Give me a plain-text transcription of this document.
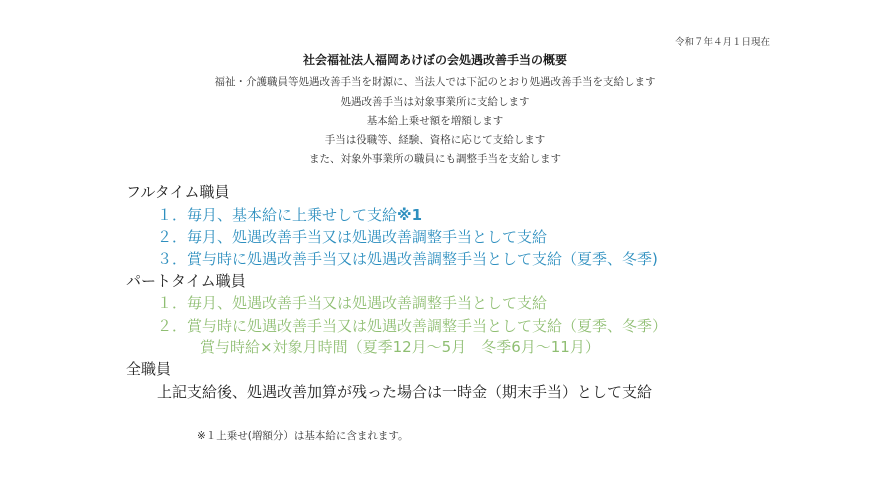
令和７年４月１日現在
社会福祉法人福岡あけぼの会処遇改善手当の概要
福祉・介護職員等処遇改善手当を財源に、当法人では下記のとおり処遇改善手当を支給します
処遇改善手当は対象事業所に支給します
基本給上乗せ額を増額します
手当は役職等、経験、資格に応じて支給します
また、対象外事業所の職員にも調整手当を支給します
フルタイム職員
１．毎月、基本給に上乗せして支給※1
２．毎月、処遇改善手当又は処遇改善調整手当として支給
３．賞与時に処遇改善手当又は処遇改善調整手当として支給（夏季、冬季)
パートタイム職員
１．毎月、処遇改善手当又は処遇改善調整手当として支給
２．賞与時に処遇改善手当又は処遇改善調整手当として支給（夏季、冬季）
賞与時給×対象月時間（夏季12月〜5月　冬季6月〜11月）
全職員
上記支給後、処遇改善加算が残った場合は一時金（期末手当）として支給
※１上乗せ(増額分）は基本給に含まれます。
